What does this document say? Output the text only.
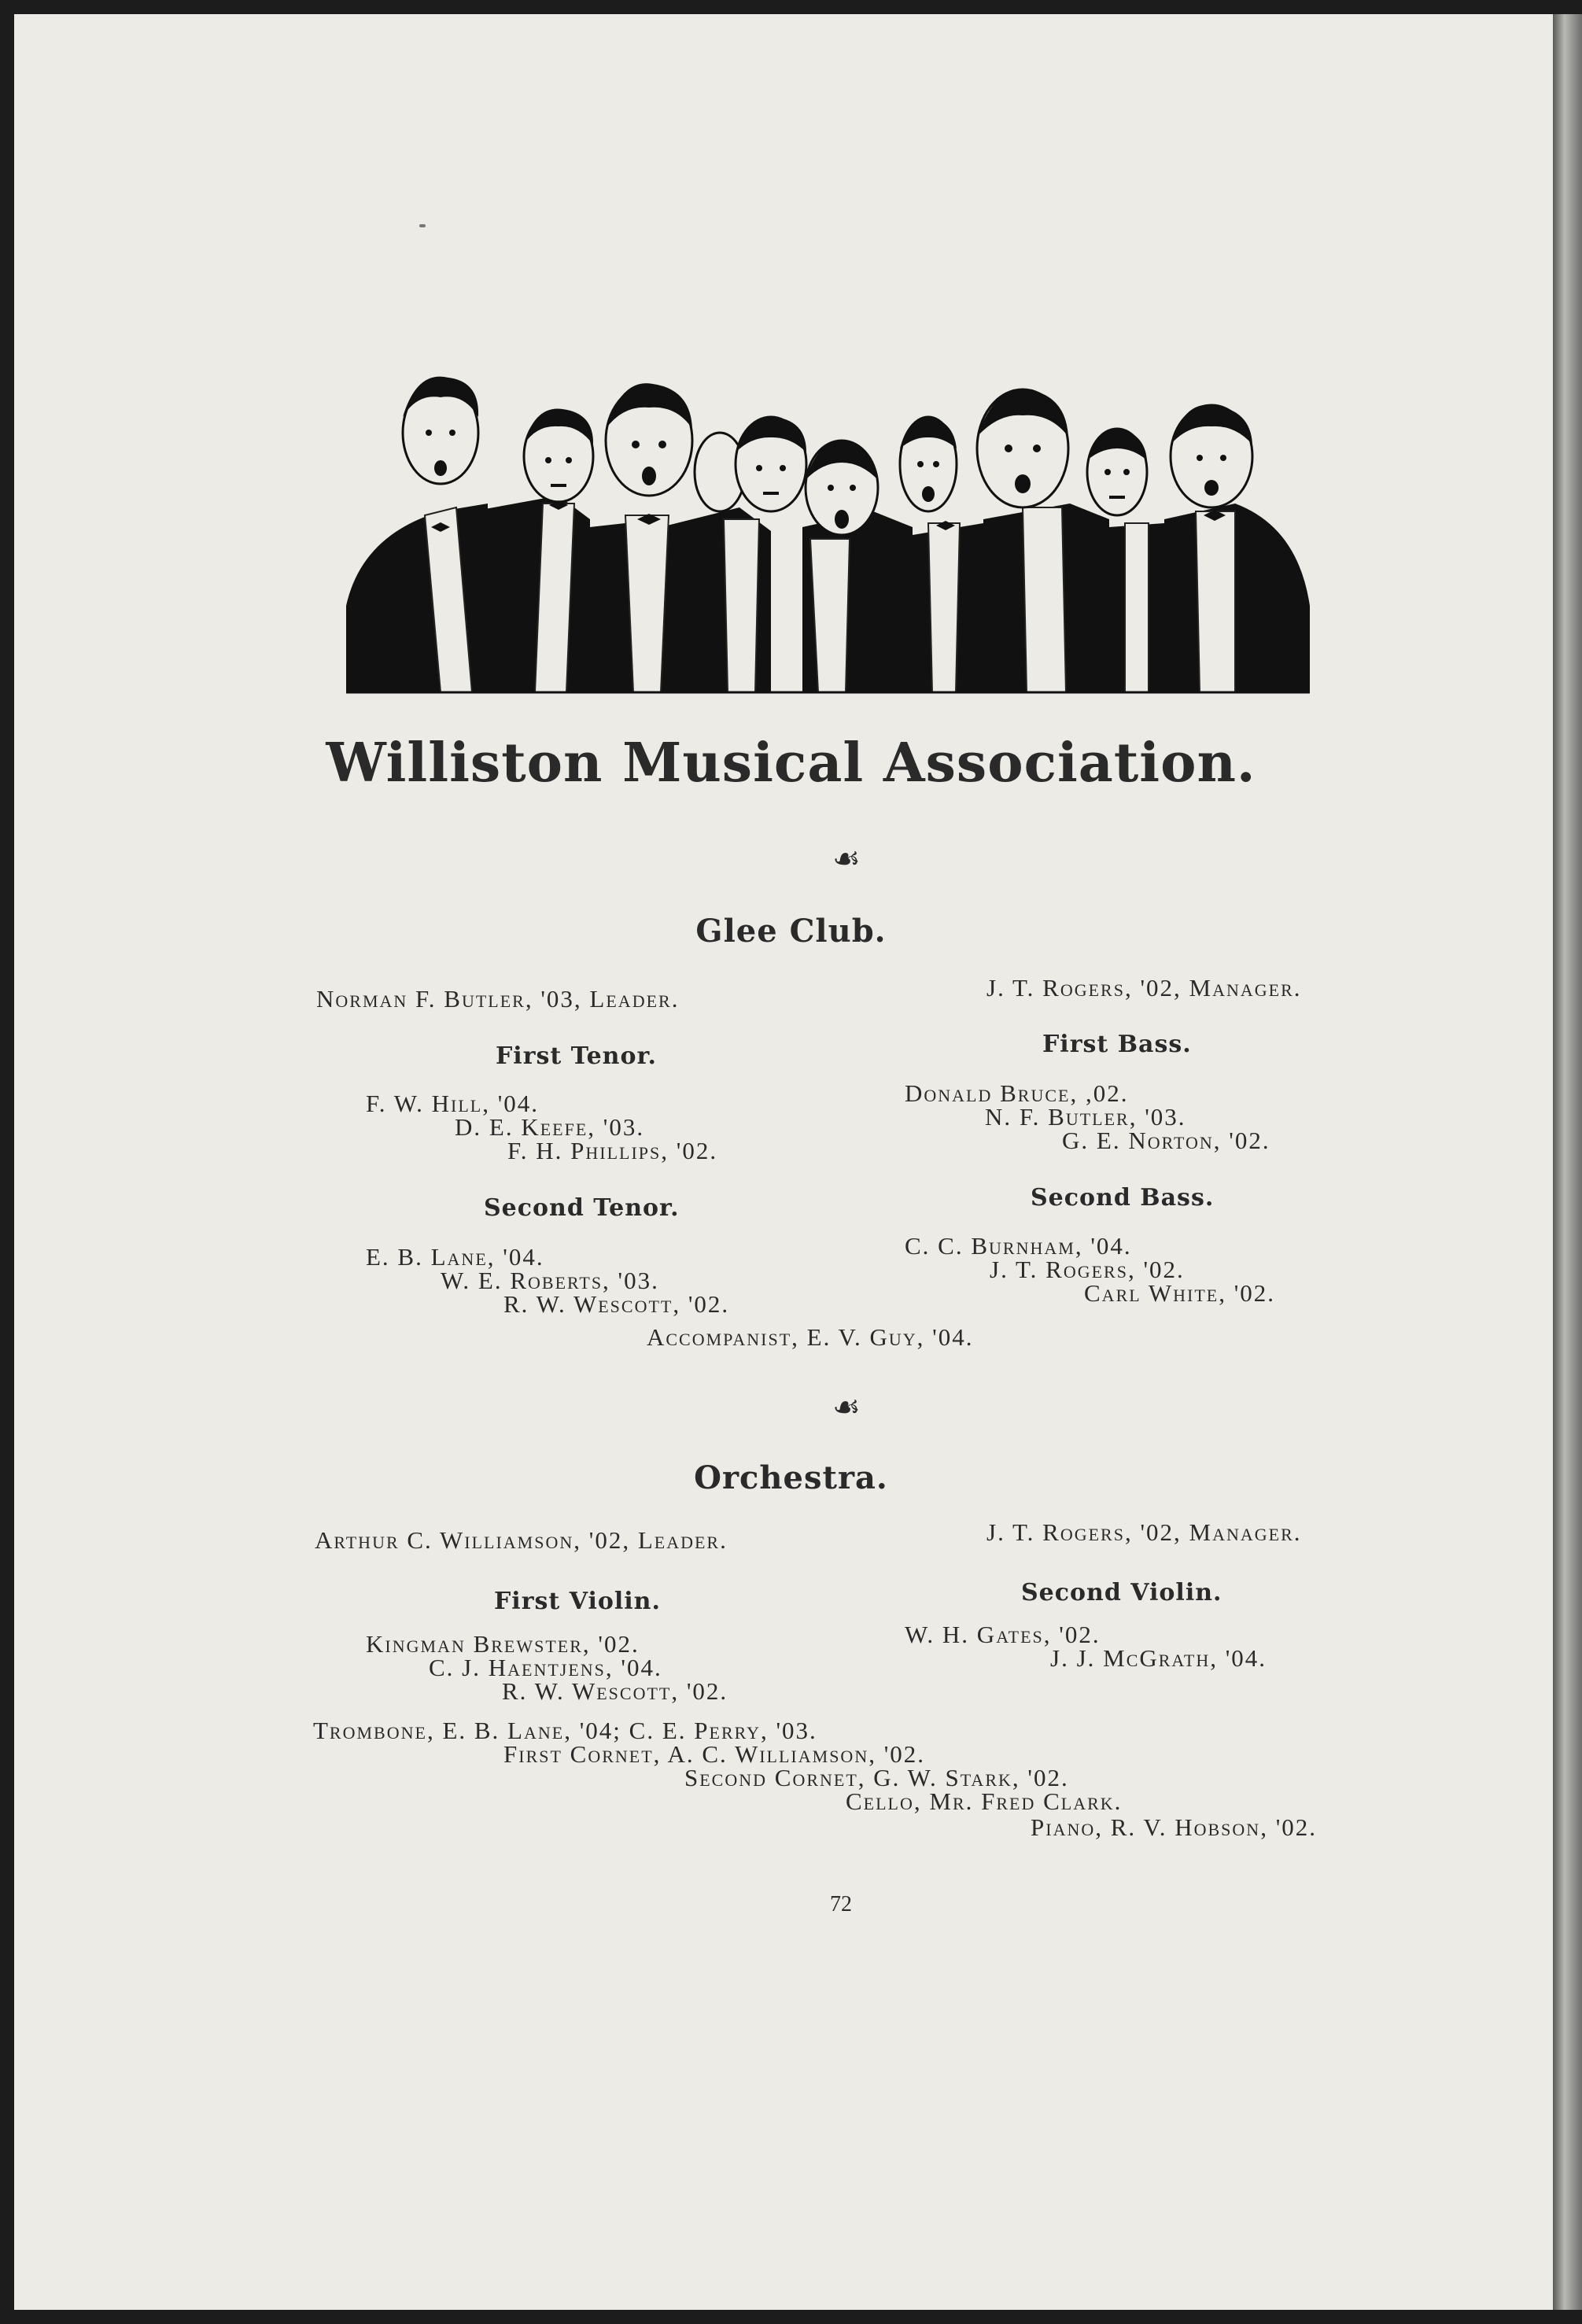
Williston Musical Association.
☙
Glee Club.
Norman F. Butler, '03, Leader.	J. T. Rogers, '02, Manager.
First Tenor.
F. W. Hill, '04.
D. E. Keefe, '03.
F. H. Phillips, '02.
First Bass.
Donald Bruce, ,02.
N. F. Butler, '03.
G. E. Norton, '02.
Second Tenor.
E. B. Lane, '04.
W. E. Roberts, '03.
R. W. Wescott, '02.
Second Bass.
C. C. Burnham, '04.
J. T. Rogers, '02.
Carl White, '02.
Accompanist, E. V. Guy, '04.
☙
Orchestra.
Arthur C. Williamson, '02, Leader.	J. T. Rogers, '02, Manager.
First Violin.
Kingman Brewster, '02.
C. J. Haentjens, '04.
R. W. Wescott, '02.
Second Violin.
W. H. Gates, '02.
J. J. McGrath, '04.
Trombone, E. B. Lane, '04; C. E. Perry, '03.
First Cornet, A. C. Williamson, '02.
Second Cornet, G. W. Stark, '02.
Cello, Mr. Fred Clark.
Piano, R. V. Hobson, '02.
72
